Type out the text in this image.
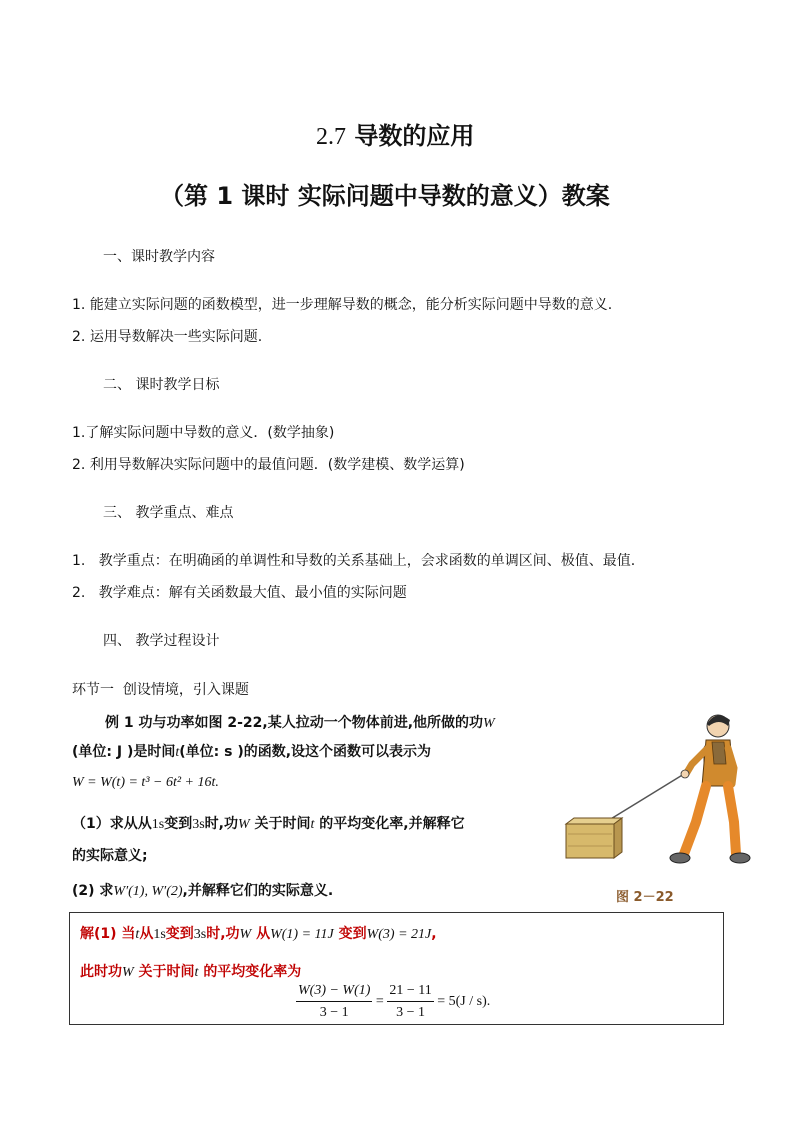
2.7 导数的应用
（第 1 课时 实际问题中导数的意义）教案
一、课时教学内容
1. 能建立实际问题的函数模型，进一步理解导数的概念，能分析实际问题中导数的意义.
2. 运用导数解决一些实际问题.
二、 课时教学日标
1.了解实际问题中导数的意义．(数学抽象)
2. 利用导数解决实际问题中的最值问题．(数学建模、数学运算)
三、 教学重点、难点
1. 教学重点：在明确函的单调性和导数的关系基础上，会求函数的单调区间、极值、最值.
2. 教学难点：解有关函数最大值、最小值的实际问题
四、 教学过程设计
环节一 创设情境，引入课题
例 1 功与功率如图 2-22,某人拉动一个物体前进,他所做的功W
(单位: J )是时间t(单位: s )的函数,设这个函数可以表示为
W = W(t) = t³ − 6t² + 16t.
（1）求从从1s变到3s时,功W 关于时间t 的平均变化率,并解释它
的实际意义;
(2) 求W′(1), W′(2),并解释它们的实际意义.	图 2－22
解(1) 当t从1s变到3s时,功W 从W(1) = 11J 变到W(3) = 21J,
此时功W 关于时间t 的平均变化率为
$\frac{W(3) - W(1)}{3 - 1} = \frac{21 - 11}{3 - 1} = 5(J / s)$.
